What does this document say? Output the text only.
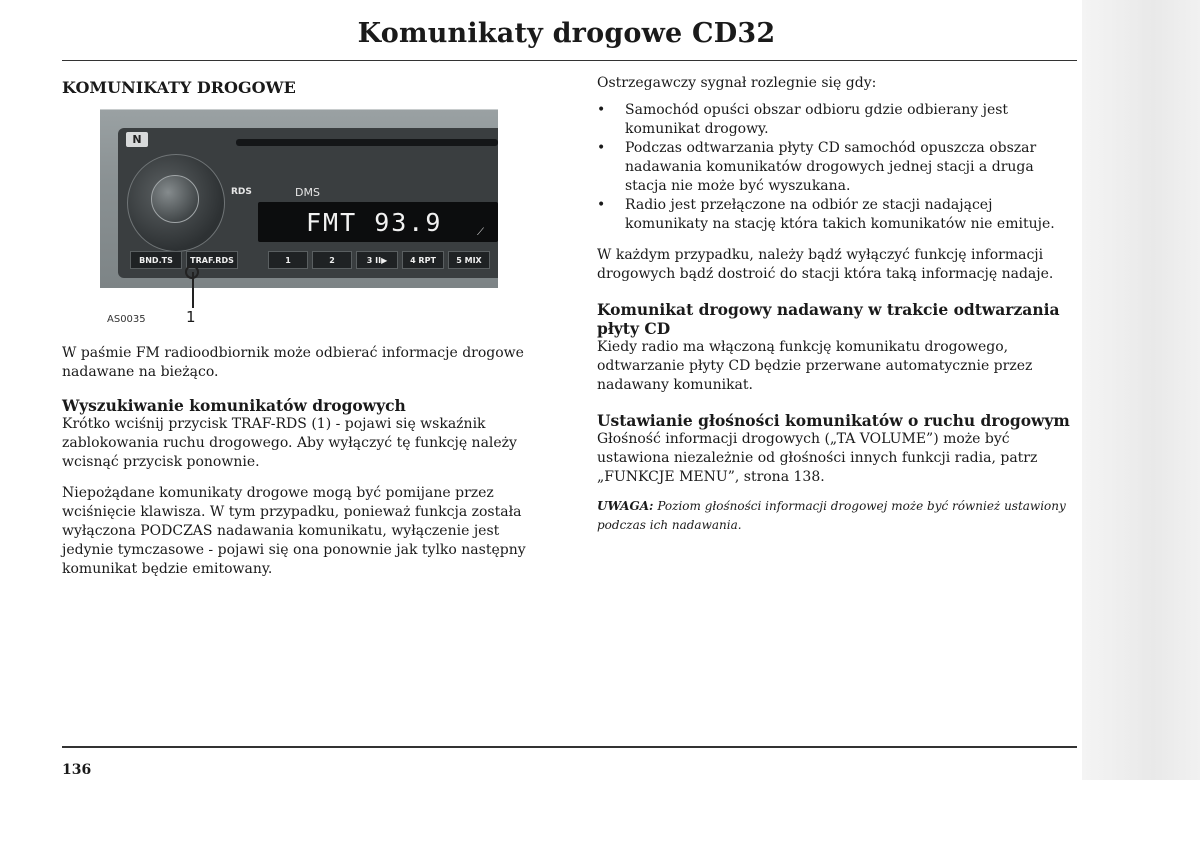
Komunikaty drogowe CD32

KOMUNIKATY DROGOWE

N
RDS	DMS
FMT 93.9	⟋
BND.TS	TRAF.RDS	1	2	3 II▶	4 RPT	5 MIX
1
AS0035

W paśmie FM radioodbiornik może odbierać informacje drogowe nadawane na bieżąco.

Wyszukiwanie komunikatów drogowych

Krótko wciśnij przycisk TRAF-RDS (1) - pojawi się wskaźnik zablokowania ruchu drogowego. Aby wyłączyć tę funkcję należy wcisnąć przycisk ponownie.

Niepożądane komunikaty drogowe mogą być pomijane przez wciśnięcie klawisza. W tym przypadku, ponieważ funkcja została wyłączona PODCZAS nadawania komunikatu, wyłączenie jest jedynie tymczasowe - pojawi się ona ponownie jak tylko następny komunikat będzie emitowany.

Ostrzegawczy sygnał rozlegnie się gdy:

• Samochód opuści obszar odbioru gdzie odbierany jest komunikat drogowy.
• Podczas odtwarzania płyty CD samochód opuszcza obszar nadawania komunikatów drogowych jednej stacji a druga stacja nie może być wyszukana.
• Radio jest przełączone na odbiór ze stacji nadającej komunikaty na stację która takich komunikatów nie emituje.

W każdym przypadku, należy bądź wyłączyć funkcję informacji drogowych bądź dostroić do stacji która taką informację nadaje.

Komunikat drogowy nadawany w trakcie odtwarzania płyty CD

Kiedy radio ma włączoną funkcję komunikatu drogowego, odtwarzanie płyty CD będzie przerwane automatycznie przez nadawany komunikat.

Ustawianie głośności komunikatów o ruchu drogowym

Głośność informacji drogowych („TA VOLUME”) może być ustawiona niezależnie od głośności innych funkcji radia, patrz „FUNKCJE MENU”, strona 138.

UWAGA: Poziom głośności informacji drogowej może być również ustawiony podczas ich nadawania.

136
